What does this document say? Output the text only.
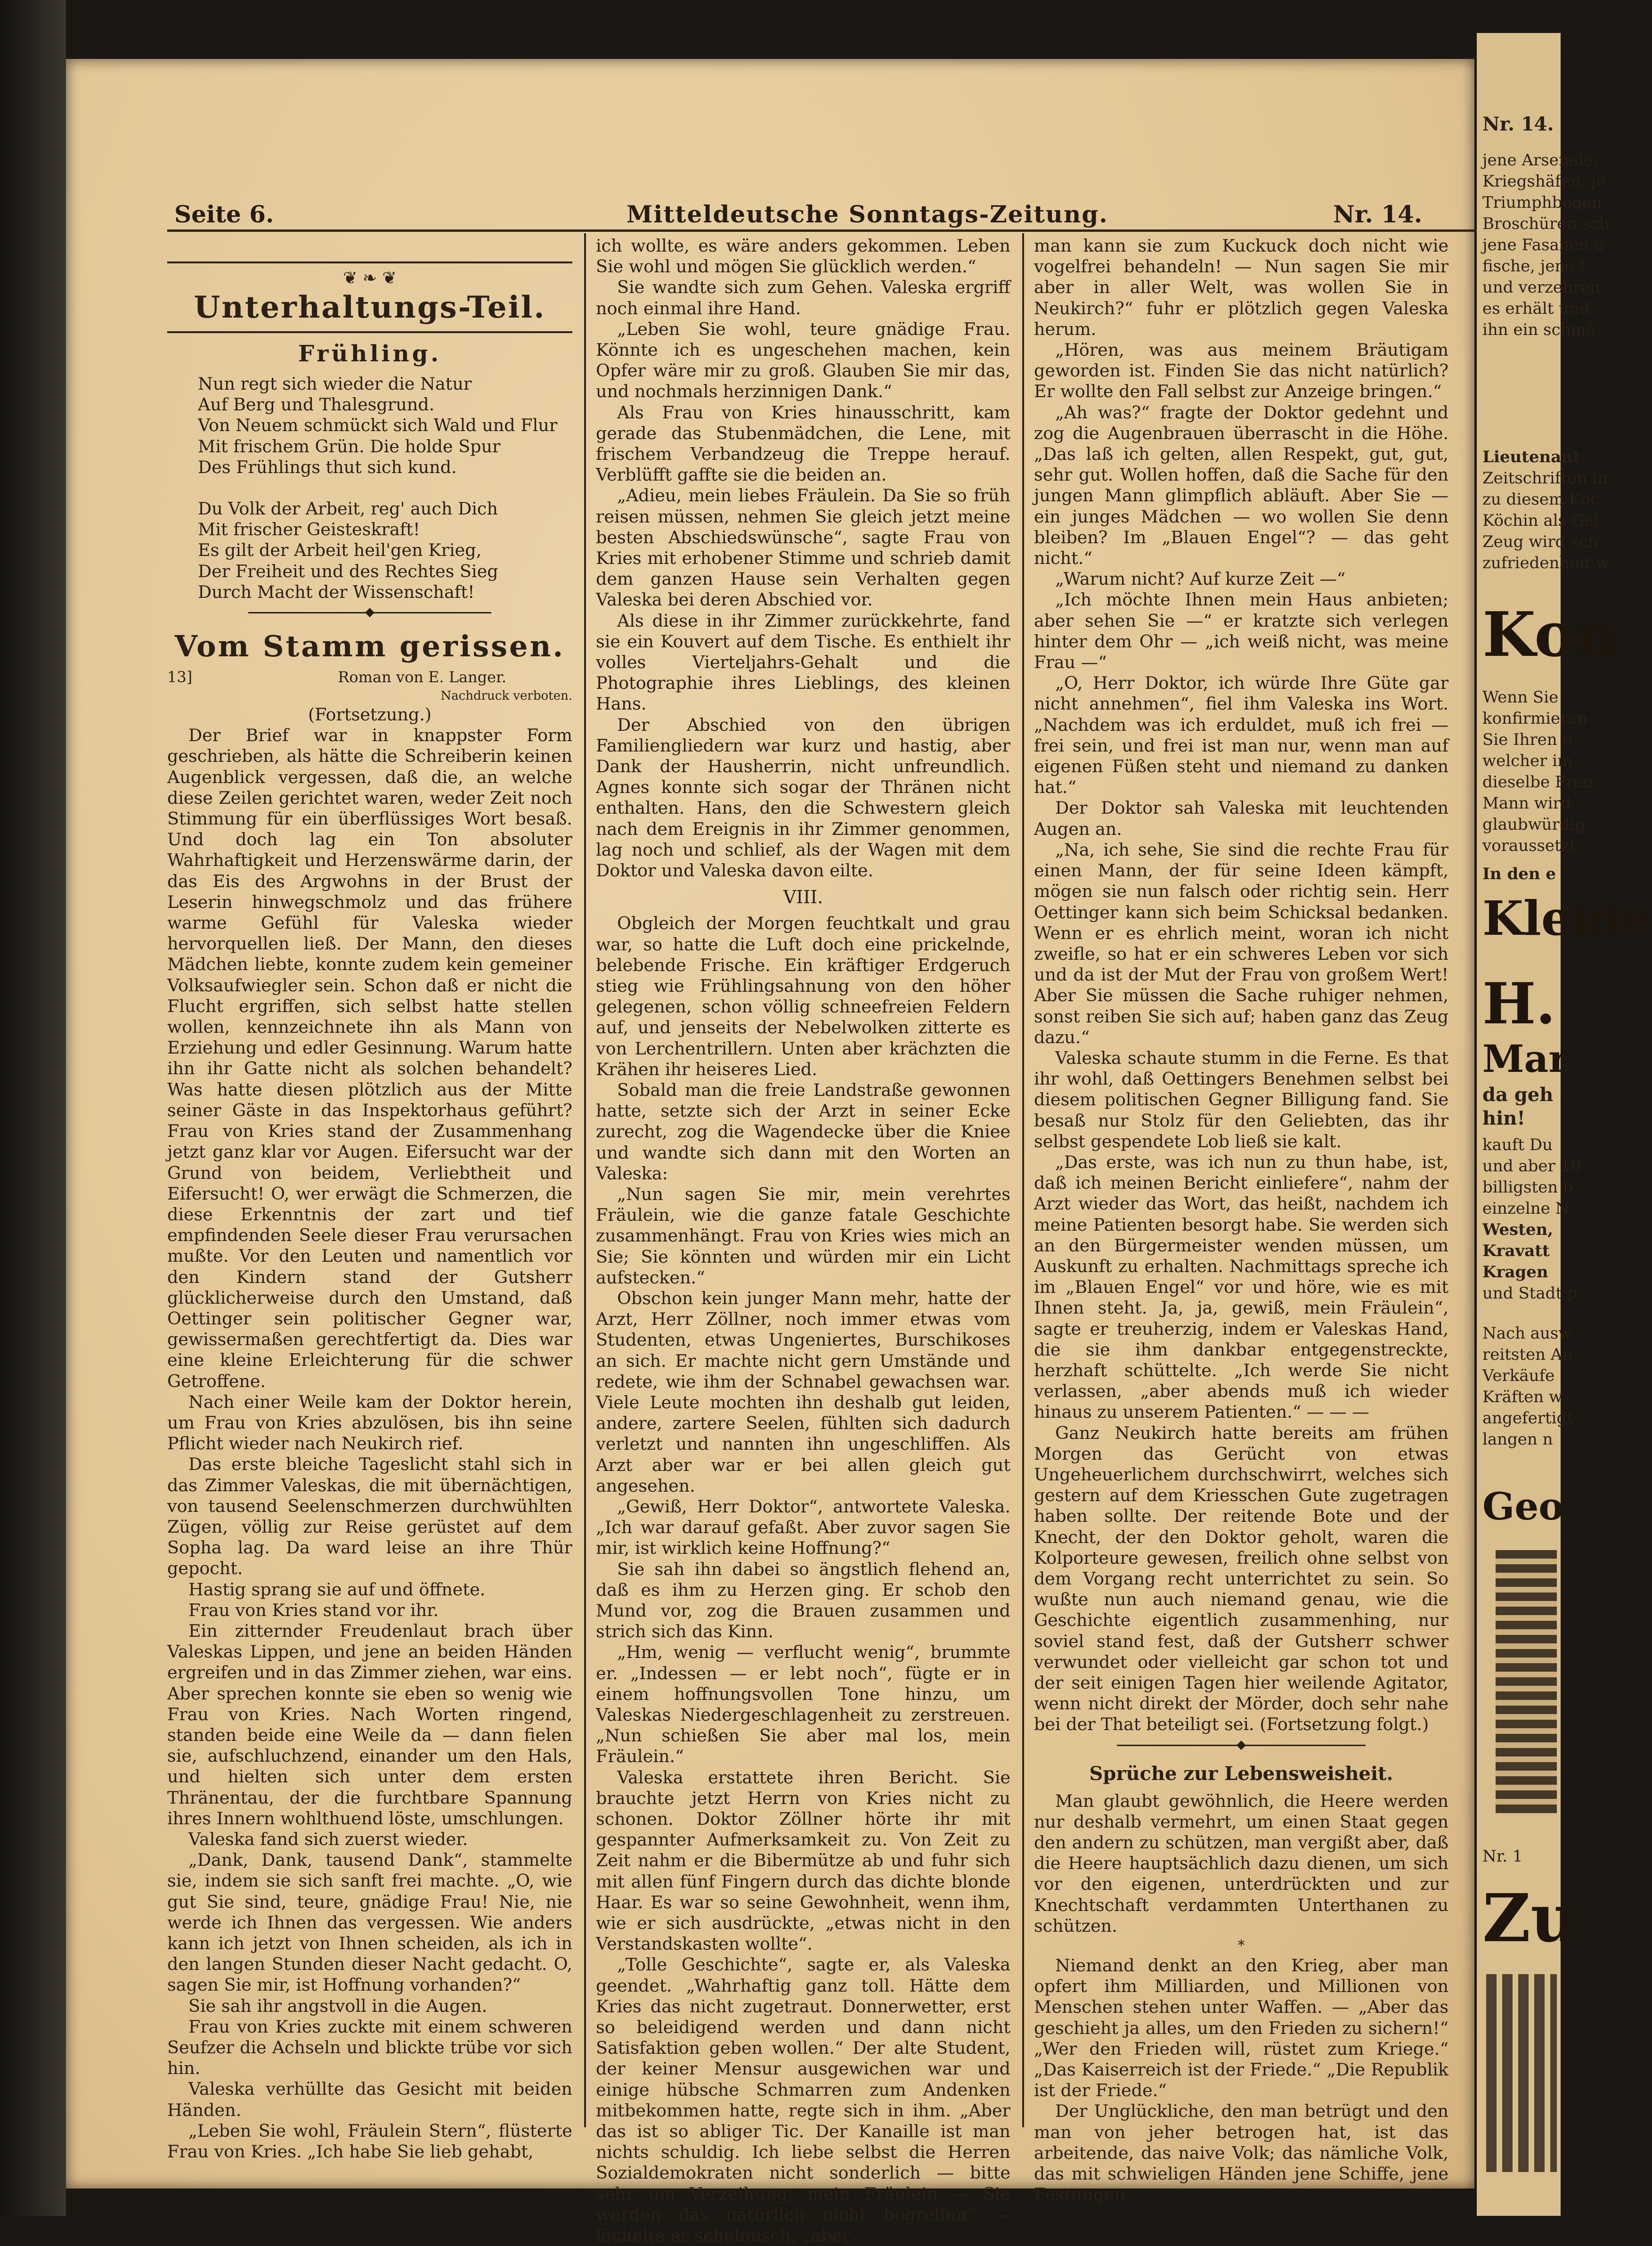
Seite 6.	Mitteldeutsche Sonntags-Zeitung.	Nr. 14.
❦ ❧ ❦
Unterhaltungs-Teil.
Frühling.
Nun regt sich wieder die Natur
Auf Berg und Thalesgrund.
Von Neuem schmückt sich Wald und Flur
Mit frischem Grün. Die holde Spur
Des Frühlings thut sich kund.
Du Volk der Arbeit, reg' auch Dich
Mit frischer Geisteskraft!
Es gilt der Arbeit heil'gen Krieg,
Der Freiheit und des Rechtes Sieg
Durch Macht der Wissenschaft!
◆
Vom Stamm gerissen.
13]	Roman von E. Langer.
Nachdruck verboten.

(Fortsetzung.)

Der Brief war in knappster Form geschrieben, als hätte die Schreiberin keinen Augenblick vergessen, daß die, an welche diese Zeilen gerichtet waren, weder Zeit noch Stimmung für ein überflüssiges Wort besaß. Und doch lag ein Ton absoluter Wahrhaftigkeit und Herzenswärme darin, der das Eis des Argwohns in der Brust der Leserin hinwegschmolz und das frühere warme Gefühl für Valeska wieder hervorquellen ließ. Der Mann, den dieses Mädchen liebte, konnte zudem kein gemeiner Volksaufwiegler sein. Schon daß er nicht die Flucht ergriffen, sich selbst hatte stellen wollen, kennzeichnete ihn als Mann von Erziehung und edler Gesinnung. Warum hatte ihn ihr Gatte nicht als solchen behandelt? Was hatte diesen plötzlich aus der Mitte seiner Gäste in das Inspektorhaus geführt? Frau von Kries stand der Zusammenhang jetzt ganz klar vor Augen. Eifersucht war der Grund von beidem, Verliebtheit und Eifersucht! O, wer erwägt die Schmerzen, die diese Erkenntnis der zart und tief empfindenden Seele dieser Frau verursachen mußte. Vor den Leuten und namentlich vor den Kindern stand der Gutsherr glücklicherweise durch den Umstand, daß Oettinger sein politischer Gegner war, gewissermaßen gerechtfertigt da. Dies war eine kleine Erleichterung für die schwer Getroffene.

Nach einer Weile kam der Doktor herein, um Frau von Kries abzulösen, bis ihn seine Pflicht wieder nach Neukirch rief.

Das erste bleiche Tageslicht stahl sich in das Zimmer Valeskas, die mit übernächtigen, von tausend Seelenschmerzen durchwühlten Zügen, völlig zur Reise gerüstet auf dem Sopha lag. Da ward leise an ihre Thür gepocht.

Hastig sprang sie auf und öffnete.

Frau von Kries stand vor ihr.

Ein zitternder Freudenlaut brach über Valeskas Lippen, und jene an beiden Händen ergreifen und in das Zimmer ziehen, war eins. Aber sprechen konnte sie eben so wenig wie Frau von Kries. Nach Worten ringend, standen beide eine Weile da — dann fielen sie, aufschluchzend, einander um den Hals, und hielten sich unter dem ersten Thränentau, der die furchtbare Spannung ihres Innern wohlthuend löste, umschlungen.

Valeska fand sich zuerst wieder.

„Dank, Dank, tausend Dank“, stammelte sie, indem sie sich sanft frei machte. „O, wie gut Sie sind, teure, gnädige Frau! Nie, nie werde ich Ihnen das vergessen. Wie anders kann ich jetzt von Ihnen scheiden, als ich in den langen Stunden dieser Nacht gedacht. O, sagen Sie mir, ist Hoffnung vorhanden?“

Sie sah ihr angstvoll in die Augen.

Frau von Kries zuckte mit einem schweren Seufzer die Achseln und blickte trübe vor sich hin.

Valeska verhüllte das Gesicht mit beiden Händen.

„Leben Sie wohl, Fräulein Stern“, flüsterte Frau von Kries. „Ich habe Sie lieb gehabt,

ich wollte, es wäre anders gekommen. Leben Sie wohl und mögen Sie glücklich werden.“

Sie wandte sich zum Gehen. Valeska ergriff noch einmal ihre Hand.

„Leben Sie wohl, teure gnädige Frau. Könnte ich es ungeschehen machen, kein Opfer wäre mir zu groß. Glauben Sie mir das, und nochmals herzinnigen Dank.“

Als Frau von Kries hinausschritt, kam gerade das Stubenmädchen, die Lene, mit frischem Verbandzeug die Treppe herauf. Verblüfft gaffte sie die beiden an.

„Adieu, mein liebes Fräulein. Da Sie so früh reisen müssen, nehmen Sie gleich jetzt meine besten Abschiedswünsche“, sagte Frau von Kries mit erhobener Stimme und schrieb damit dem ganzen Hause sein Verhalten gegen Valeska bei deren Abschied vor.

Als diese in ihr Zimmer zurückkehrte, fand sie ein Kouvert auf dem Tische. Es enthielt ihr volles Vierteljahrs-Gehalt und die Photographie ihres Lieblings, des kleinen Hans.

Der Abschied von den übrigen Familiengliedern war kurz und hastig, aber Dank der Hausherrin, nicht unfreundlich. Agnes konnte sich sogar der Thränen nicht enthalten. Hans, den die Schwestern gleich nach dem Ereignis in ihr Zimmer genommen, lag noch und schlief, als der Wagen mit dem Doktor und Valeska davon eilte.

VIII.

Obgleich der Morgen feuchtkalt und grau war, so hatte die Luft doch eine prickelnde, belebende Frische. Ein kräftiger Erdgeruch stieg wie Frühlingsahnung von den höher gelegenen, schon völlig schneefreien Feldern auf, und jenseits der Nebelwolken zitterte es von Lerchentrillern. Unten aber krächzten die Krähen ihr heiseres Lied.

Sobald man die freie Landstraße gewonnen hatte, setzte sich der Arzt in seiner Ecke zurecht, zog die Wagendecke über die Kniee und wandte sich dann mit den Worten an Valeska:

„Nun sagen Sie mir, mein verehrtes Fräulein, wie die ganze fatale Geschichte zusammenhängt. Frau von Kries wies mich an Sie; Sie könnten und würden mir ein Licht aufstecken.“

Obschon kein junger Mann mehr, hatte der Arzt, Herr Zöllner, noch immer etwas vom Studenten, etwas Ungeniertes, Burschikoses an sich. Er machte nicht gern Umstände und redete, wie ihm der Schnabel gewachsen war. Viele Leute mochten ihn deshalb gut leiden, andere, zartere Seelen, fühlten sich dadurch verletzt und nannten ihn ungeschliffen. Als Arzt aber war er bei allen gleich gut angesehen.

„Gewiß, Herr Doktor“, antwortete Valeska. „Ich war darauf gefaßt. Aber zuvor sagen Sie mir, ist wirklich keine Hoffnung?“

Sie sah ihn dabei so ängstlich flehend an, daß es ihm zu Herzen ging. Er schob den Mund vor, zog die Brauen zusammen und strich sich das Kinn.

„Hm, wenig — verflucht wenig“, brummte er. „Indessen — er lebt noch“, fügte er in einem hoffnungsvollen Tone hinzu, um Valeskas Niedergeschlagenheit zu zerstreuen. „Nun schießen Sie aber mal los, mein Fräulein.“

Valeska erstattete ihren Bericht. Sie brauchte jetzt Herrn von Kries nicht zu schonen. Doktor Zöllner hörte ihr mit gespannter Aufmerksamkeit zu. Von Zeit zu Zeit nahm er die Bibermütze ab und fuhr sich mit allen fünf Fingern durch das dichte blonde Haar. Es war so seine Gewohnheit, wenn ihm, wie er sich ausdrückte, „etwas nicht in den Verstandskasten wollte“.

„Tolle Geschichte“, sagte er, als Valeska geendet. „Wahrhaftig ganz toll. Hätte dem Kries das nicht zugetraut. Donnerwetter, erst so beleidigend werden und dann nicht Satisfaktion geben wollen.“ Der alte Student, der keiner Mensur ausgewichen war und einige hübsche Schmarren zum Andenken mitbekommen hatte, regte sich in ihm. „Aber das ist so abliger Tic. Der Kanaille ist man nichts schuldig. Ich liebe selbst die Herren Sozialdemokraten nicht sonderlich — bitte sehr um Verzeihung, mein Fräulein — Sie werden das natürlich nicht begreifen“ — lächelte er schelmisch, „aber

man kann sie zum Kuckuck doch nicht wie vogelfrei behandeln! — Nun sagen Sie mir aber in aller Welt, was wollen Sie in Neukirch?“ fuhr er plötzlich gegen Valeska herum.

„Hören, was aus meinem Bräutigam geworden ist. Finden Sie das nicht natürlich? Er wollte den Fall selbst zur Anzeige bringen.“

„Ah was?“ fragte der Doktor gedehnt und zog die Augenbrauen überrascht in die Höhe. „Das laß ich gelten, allen Respekt, gut, gut, sehr gut. Wollen hoffen, daß die Sache für den jungen Mann glimpflich abläuft. Aber Sie — ein junges Mädchen — wo wollen Sie denn bleiben? Im „Blauen Engel“? — das geht nicht.“

„Warum nicht? Auf kurze Zeit —“

„Ich möchte Ihnen mein Haus anbieten; aber sehen Sie —“ er kratzte sich verlegen hinter dem Ohr — „ich weiß nicht, was meine Frau —“

„O, Herr Doktor, ich würde Ihre Güte gar nicht annehmen“, fiel ihm Valeska ins Wort. „Nachdem was ich erduldet, muß ich frei — frei sein, und frei ist man nur, wenn man auf eigenen Füßen steht und niemand zu danken hat.“

Der Doktor sah Valeska mit leuchtenden Augen an.

„Na, ich sehe, Sie sind die rechte Frau für einen Mann, der für seine Ideen kämpft, mögen sie nun falsch oder richtig sein. Herr Oettinger kann sich beim Schicksal bedanken. Wenn er es ehrlich meint, woran ich nicht zweifle, so hat er ein schweres Leben vor sich und da ist der Mut der Frau von großem Wert! Aber Sie müssen die Sache ruhiger nehmen, sonst reiben Sie sich auf; haben ganz das Zeug dazu.“

Valeska schaute stumm in die Ferne. Es that ihr wohl, daß Oettingers Benehmen selbst bei diesem politischen Gegner Billigung fand. Sie besaß nur Stolz für den Geliebten, das ihr selbst gespendete Lob ließ sie kalt.

„Das erste, was ich nun zu thun habe, ist, daß ich meinen Bericht einliefere“, nahm der Arzt wieder das Wort, das heißt, nachdem ich meine Patienten besorgt habe. Sie werden sich an den Bürgermeister wenden müssen, um Auskunft zu erhalten. Nachmittags spreche ich im „Blauen Engel“ vor und höre, wie es mit Ihnen steht. Ja, ja, gewiß, mein Fräulein“, sagte er treuherzig, indem er Valeskas Hand, die sie ihm dankbar entgegenstreckte, herzhaft schüttelte. „Ich werde Sie nicht verlassen, „aber abends muß ich wieder hinaus zu unserem Patienten.“ — — —

Ganz Neukirch hatte bereits am frühen Morgen das Gerücht von etwas Ungeheuerlichem durchschwirrt, welches sich gestern auf dem Kriesschen Gute zugetragen haben sollte. Der reitende Bote und der Knecht, der den Doktor geholt, waren die Kolporteure gewesen, freilich ohne selbst von dem Vorgang recht unterrichtet zu sein. So wußte nun auch niemand genau, wie die Geschichte eigentlich zusammenhing, nur soviel stand fest, daß der Gutsherr schwer verwundet oder vielleicht gar schon tot und der seit einigen Tagen hier weilende Agitator, wenn nicht direkt der Mörder, doch sehr nahe bei der That beteiligt sei. (Fortsetzung folgt.)

◆
Sprüche zur Lebensweisheit.

Man glaubt gewöhnlich, die Heere werden nur deshalb vermehrt, um einen Staat gegen den andern zu schützen, man vergißt aber, daß die Heere hauptsächlich dazu dienen, um sich vor den eigenen, unterdrückten und zur Knechtschaft verdammten Unterthanen zu schützen.

*

Niemand denkt an den Krieg, aber man opfert ihm Milliarden, und Millionen von Menschen stehen unter Waffen. — „Aber das geschieht ja alles, um den Frieden zu sichern!“ „Wer den Frieden will, rüstet zum Kriege.“ „Das Kaiserreich ist der Friede.“ „Die Republik ist der Friede.“

Der Unglückliche, den man betrügt und den man von jeher betrogen hat, ist das arbeitende, das naive Volk; das nämliche Volk, das mit schwieligen Händen jene Schiffe, jene Festungen,

Nr. 14.
jene Arsenale,
Kriegshäfen, je
Triumphbogen
Broschüren sch
jene Fasanen u
fische, jene f
und verzehren,
es erhält und
ihn ein schmä
Lieutenant
Zeitschriften in
zu diesem Koc
Köchin als Gel
Zeug wird sch
zufriedenheit w
Kon
Wenn Sie
konfirmieren
Sie Ihren n
welcher im
dieselbe Freu
Mann wird
glaubwürdig
voraussetzt,
In den e
Kleide
H.
Mar
da geh
hin!
kauft Du
und aber 10
billigsten b
einzelne N
Westen,
Kravatt
Kragen
und Stadt p
Nach ausw
reitsten An
Verkäufe
Kräften w
angefertigt
langen n
Geo
Nr. 1
Zu
